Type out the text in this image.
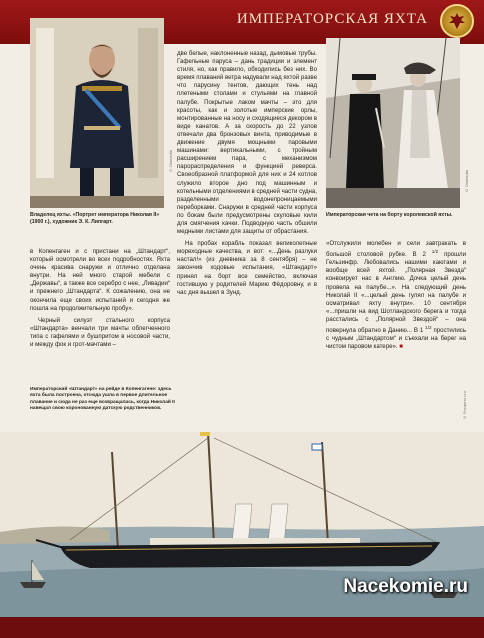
ИМПЕРАТОРСКАЯ ЯХТА
© Diomedia
Владелец яхты. «Портрет императора Николая II» (1900 г.), художник Э. К. Липгарт.
© Diomedia
Императорская чета на борту королевской яхты.

в Копенгаген и с пристани на „Штандарт“, который осмотрели во всех подробностях. Яхта очень красива снаружи и отлично отделана внутри. На ней много старой мебели с „Державы“, а также все серебро с нее, „Ливадии“ и прежнего „Штандарта“. К сожалению, она не окончила еще своих испытаний и сегодня же пошла на продолжительную пробу».

Черный силуэт стального корпуса «Штандарта» венчали три мачты облегченного типа с гафелями и бушпритом в носовой части, и между фок и грот-мачтами –

две белые, наклоненные назад, дымовые трубы. Гафельные паруса – дань традиции и элемент стиля, но, как правило, обходились без них. Во время плаваний ветра надували над яхтой разве что парусину тентов, дающих тень над плетеными столами и стульями на главной палубе. Покрытые лаком мачты – это для красоты, как и золотые имперские орлы, монтированные на носу и сходящиеся декором в виде канатов. А за скорость до 22 узлов отвечали два бронзовых винта, приводимые в движение двумя мощными паровыми машинами: вертикальными, с тройным расширением пара, с механизмом парораспределения и функцией реверса. Своеобразной платформой для них и 24 котлов служило второе дно под машинным и котельными отделениями в средней части судна, разделенными водонепроницаемыми переборками. Снаружи в средней части корпуса по бокам были предусмотрены скуловые кили для смягчения качки. Подводную часть обшили медными листами для защиты от обрастания.

На пробах корабль показал великолепные мореходные качества, и вот: «...День разлуки настал!» (из дневника за 8 сентября) – не закончив ходовые испытания, «Штандарт» принял на борт все семейство, включая гостившую у родителей Марию Фёдоровну, и в час дня вышел в Зунд.

«Отслужили молебен и сели завтракать в большой столовой рубке. В 2 $^{1/2}$ прошли Гельзинфр. Любовались нашими каютами и вообще всей яхтой. „Полярная Звезда“ конвоирует нас в Англию. Дочка целый день провела на палубе...». На следующий день Николай II «...целый день гулял на палубе и осматривал яхту внутри». 10 сентября «...пришли на вид Шотландского берега и тогда расстались с „Полярной Звездой“ – она повернула обратно в Данию... В 1 $^{1/2}$ простились с чудным „Штандартом“ и съехали на берег на чистом паровом катере». ■

Императорский «Штандарт» на рейде в Копенгагене: здесь яхта была построена, отсюда ушла в первое длительное плавание и сюда не раз еще возвращалась, когда Николай II навещал свою коронованную датскую родственников.	© Росфото и.о.
Nacekomie.ru
